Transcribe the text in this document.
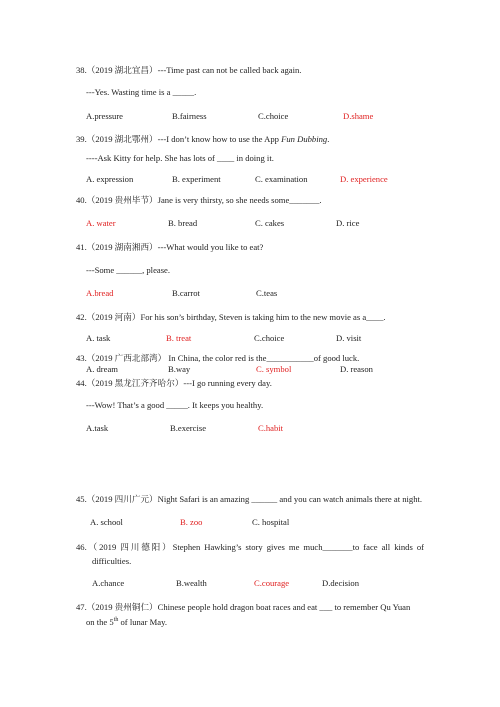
38.（2019 湖北宜昌）---Time past can not be called back again.
---Yes. Wasting time is a _____.
A.pressure	B.fairness	C.choice	D.shame
39.（2019 湖北鄂州）---I don’t know how to use the App Fun Dubbing.
----Ask Kitty for help. She has lots of ____ in doing it.
A. expression	B. experiment	C. examination	D. experience
40.（2019 贵州毕节）Jane is very thirsty, so she needs some_______.
A. water	B. bread	C. cakes	D. rice
41.（2019 湖南湘西）---What would you like to eat?
---Some ______, please.
A.bread	B.carrot	C.teas
42.（2019 河南）For his son’s birthday, Steven is taking him to the new movie as a____.
A. task	B. treat	C.choice	D. visit
43.（2019 广西北部湾） In China, the color red is the___________of good luck.
A. dream	B.way	C. symbol	D. reason
44.（2019 黑龙江齐齐哈尔）---I go running every day.
---Wow! That’s a good _____. It keeps you healthy.
A.task	B.exercise	C.habit
45.（2019 四川广元）Night Safari is an amazing ______ and you can watch animals there at night.
A. school	B. zoo	C. hospital
46.（2019 四川德阳）Stephen Hawking’s story gives me much_______to face all kinds of
difficulties.
A.chance	B.wealth	C.courage	D.decision
47.（2019 贵州铜仁）Chinese people hold dragon boat races and eat ___ to remember Qu Yuan
on the 5th of lunar May.
